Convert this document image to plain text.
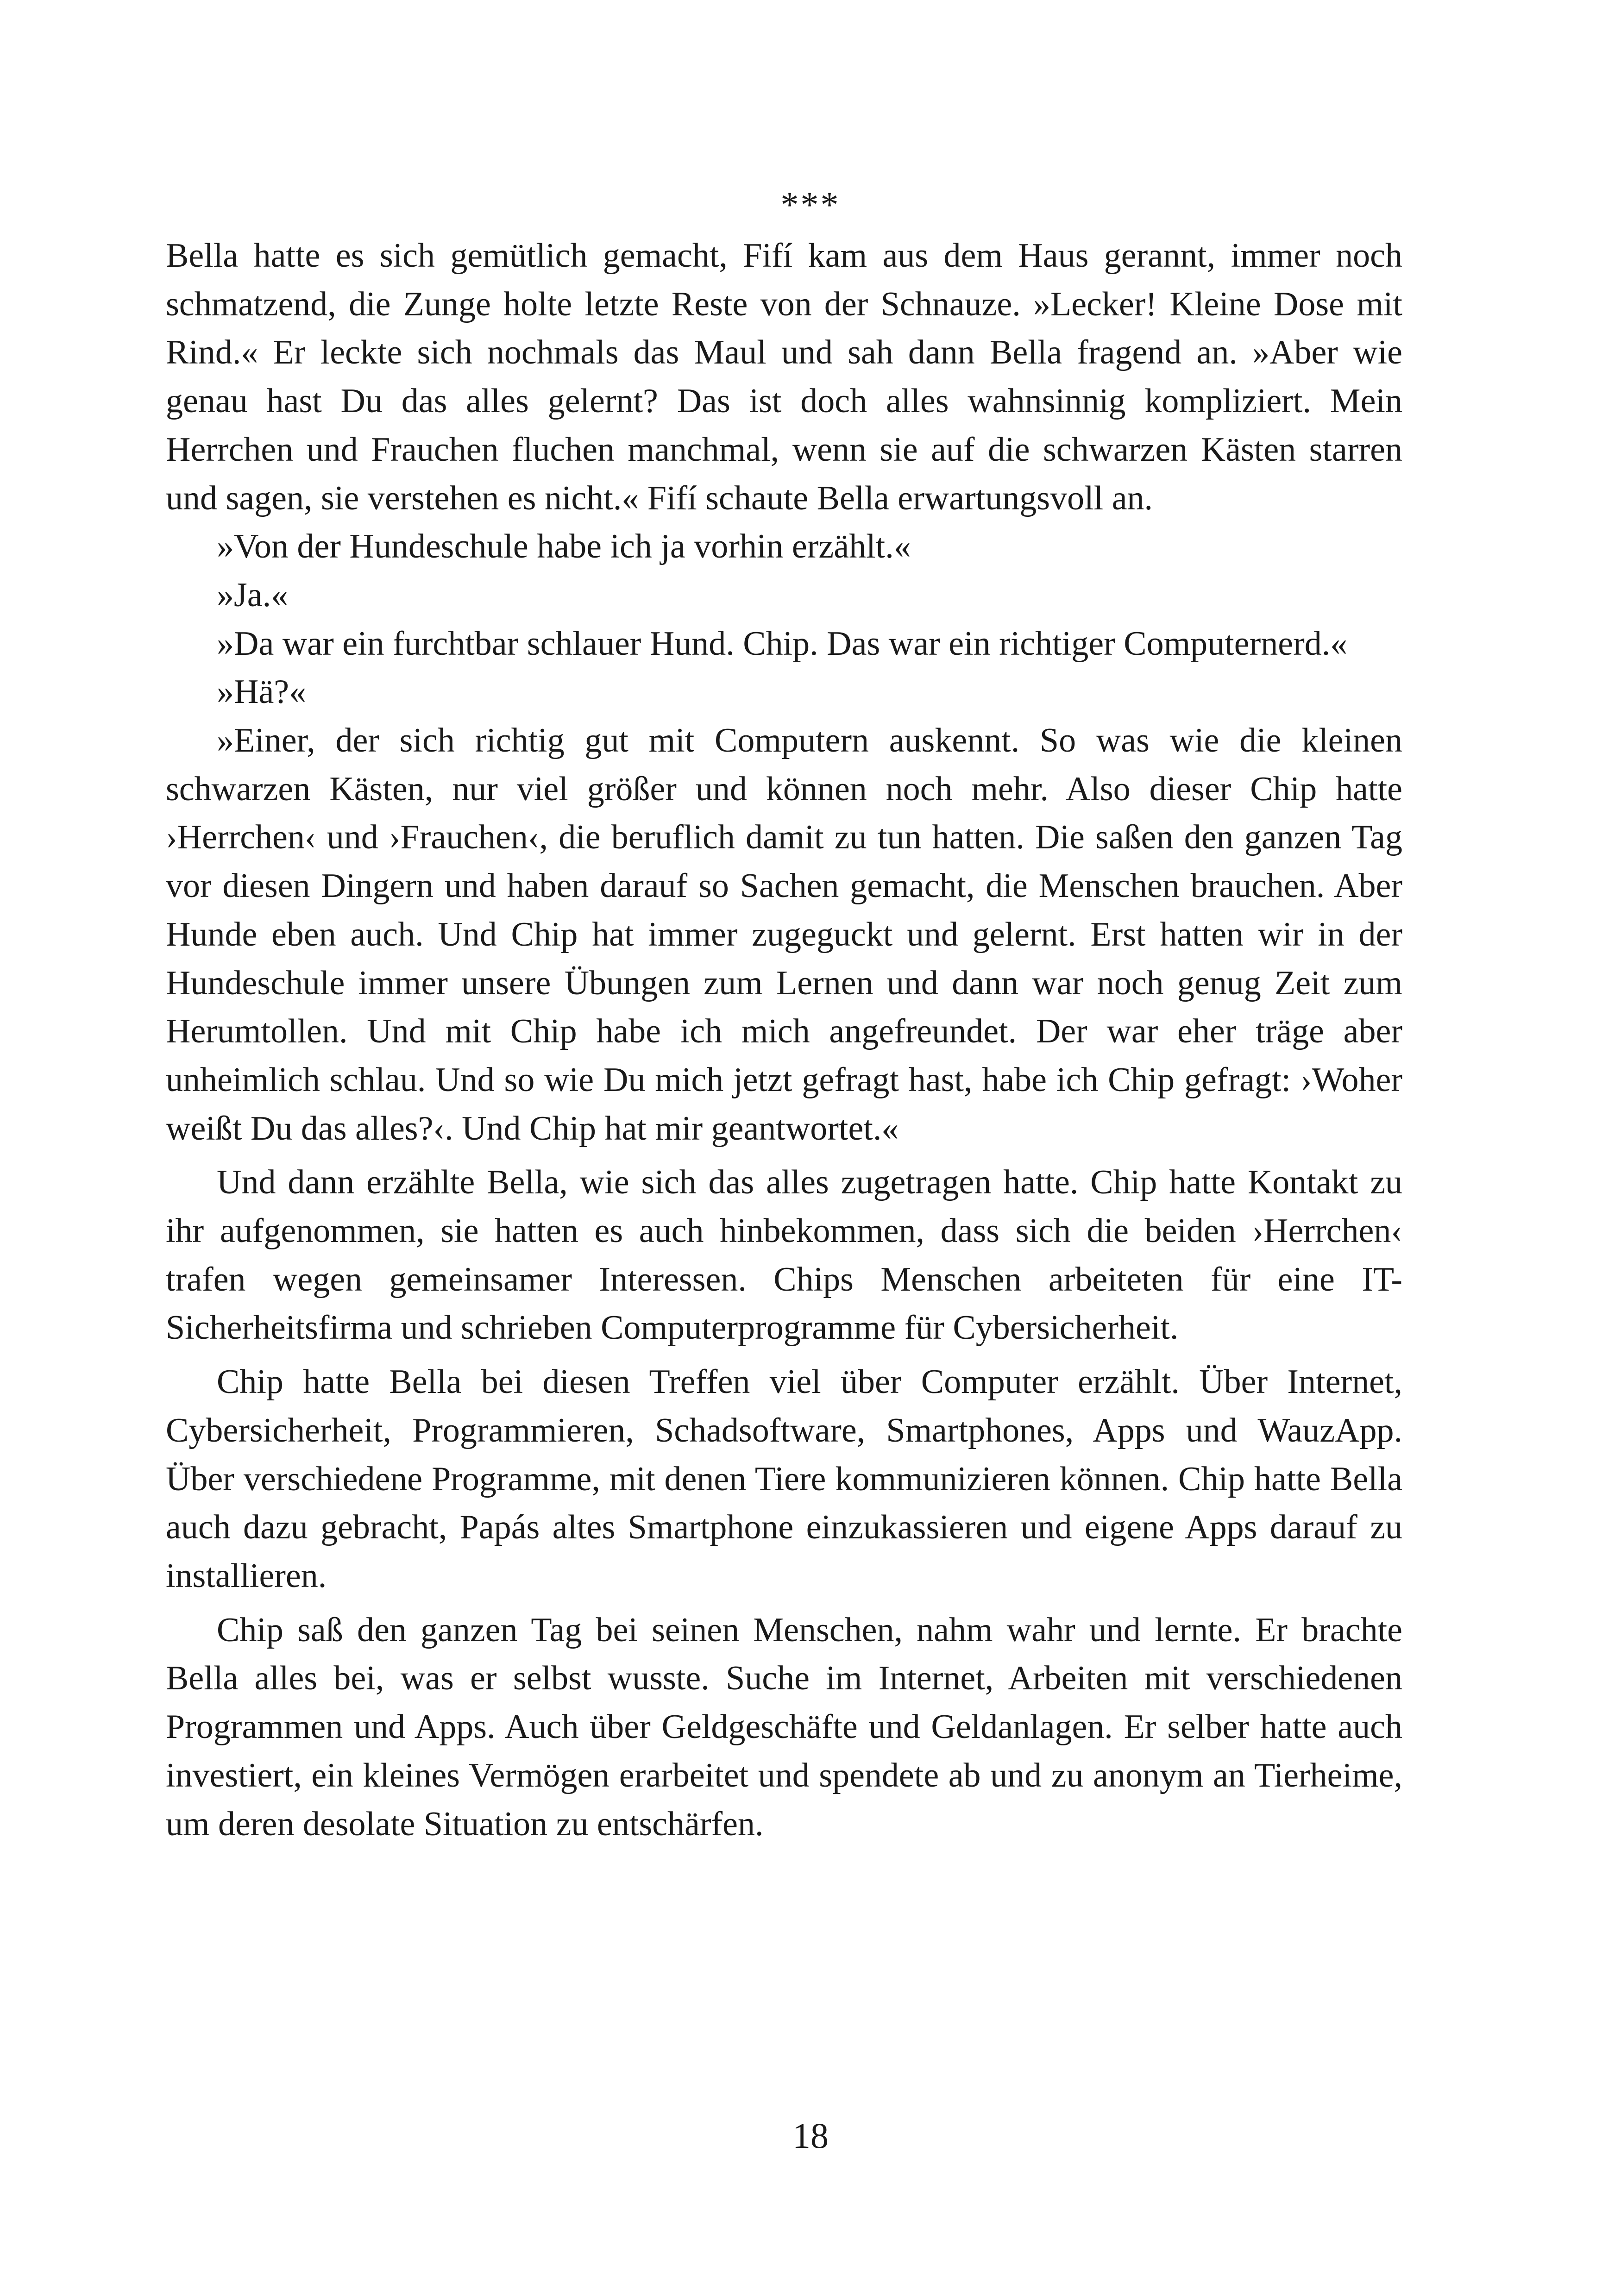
***

Bella hatte es sich gemütlich gemacht, Fifí kam aus dem Haus gerannt, immer noch schmatzend, die Zunge holte letzte Reste von der Schnauze. »Lecker! Kleine Dose mit Rind.« Er leckte sich nochmals das Maul und sah dann Bella fragend an. »Aber wie genau hast Du das alles gelernt? Das ist doch alles wahnsinnig kompliziert. Mein Herrchen und Frauchen fluchen manchmal, wenn sie auf die schwarzen Kästen starren und sagen, sie verstehen es nicht.« Fifí schaute Bella erwartungsvoll an.

»Von der Hundeschule habe ich ja vorhin erzählt.«

»Ja.«

»Da war ein furchtbar schlauer Hund. Chip. Das war ein richtiger Computernerd.«

»Hä?«

»Einer, der sich richtig gut mit Computern auskennt. So was wie die kleinen schwarzen Kästen, nur viel größer und können noch mehr. Also dieser Chip hatte ›Herrchen‹ und ›Frauchen‹, die beruflich damit zu tun hatten. Die saßen den ganzen Tag vor diesen Dingern und haben darauf so Sachen gemacht, die Menschen brauchen. Aber Hunde eben auch. Und Chip hat immer zugeguckt und gelernt. Erst hatten wir in der Hundeschule immer unsere Übungen zum Lernen und dann war noch genug Zeit zum Herumtollen. Und mit Chip habe ich mich angefreundet. Der war eher träge aber unheimlich schlau. Und so wie Du mich jetzt gefragt hast, habe ich Chip gefragt: ›Woher weißt Du das alles?‹. Und Chip hat mir geantwortet.«

Und dann erzählte Bella, wie sich das alles zugetragen hatte. Chip hatte Kontakt zu ihr aufgenommen, sie hatten es auch hinbekommen, dass sich die beiden ›Herrchen‹ trafen wegen gemeinsamer Interessen. Chips Menschen arbeiteten für eine IT-Sicherheitsfirma und schrieben Computerprogramme für Cybersicherheit.

Chip hatte Bella bei diesen Treffen viel über Computer erzählt. Über Internet, Cybersicherheit, Programmieren, Schadsoftware, Smartphones, Apps und WauzApp. Über verschiedene Programme, mit denen Tiere kommunizieren können. Chip hatte Bella auch dazu gebracht, Papás altes Smartphone einzukassieren und eigene Apps darauf zu installieren.

Chip saß den ganzen Tag bei seinen Menschen, nahm wahr und lernte. Er brachte Bella alles bei, was er selbst wusste. Suche im Internet, Arbeiten mit verschiedenen Programmen und Apps. Auch über Geldgeschäfte und Geldanlagen. Er selber hatte auch investiert, ein kleines Vermögen erarbeitet und spendete ab und zu anonym an Tierheime, um deren desolate Situation zu entschärfen.

18
